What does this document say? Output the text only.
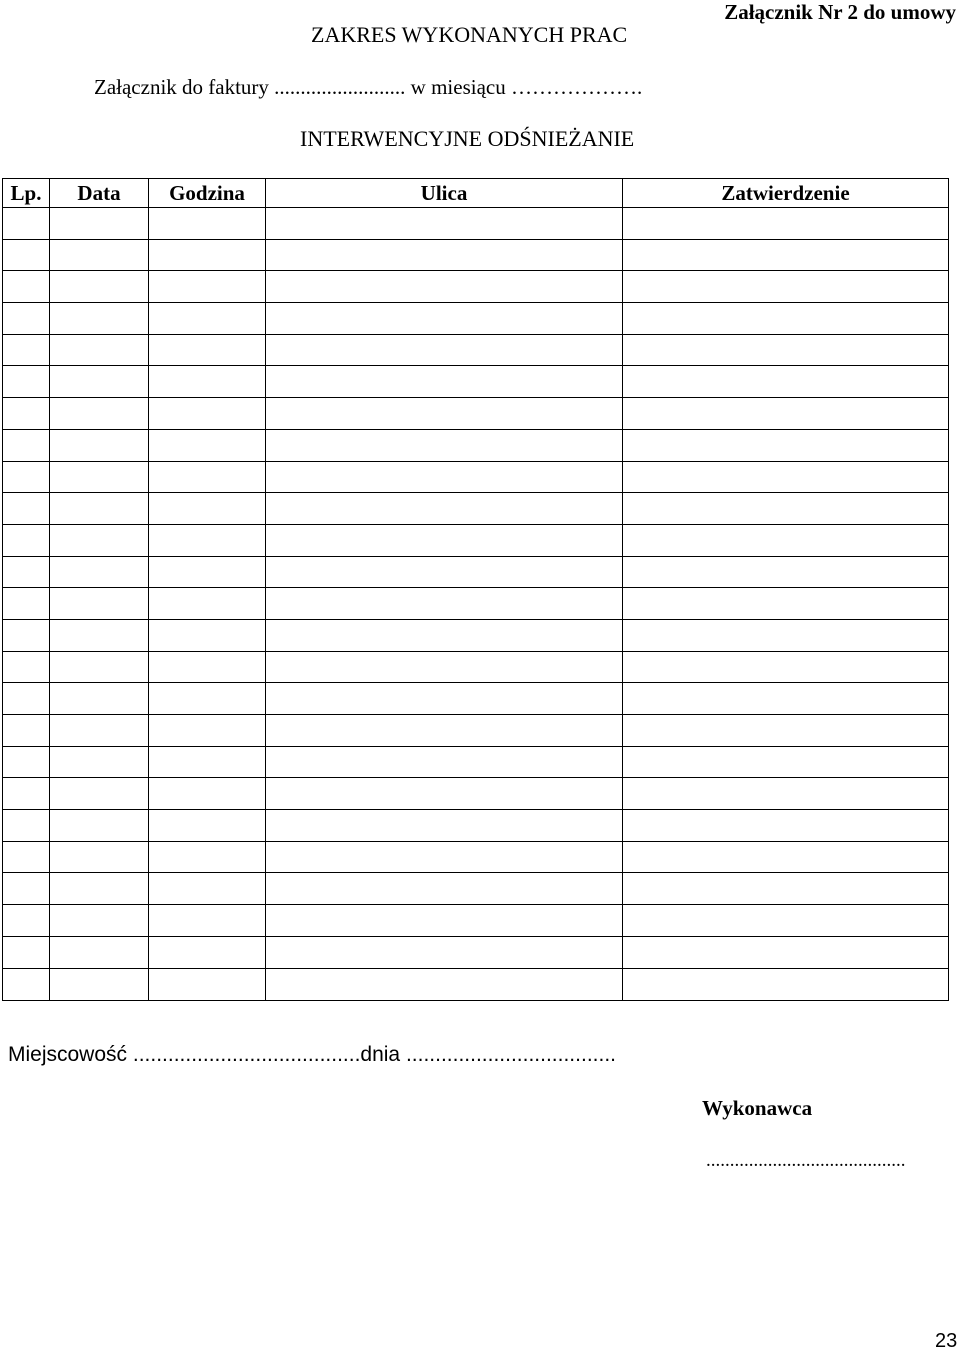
Załącznik Nr 2 do umowy
ZAKRES WYKONANYCH PRAC
Załącznik do faktury ......................... w miesiącu ……………….
INTERWENCYJNE ODŚNIEŻANIE
Lp.	Data	Godzina	Ulica	Zatwierdzenie

Miejscowość .......................................dnia ....................................
Wykonawca
..........................................
23
